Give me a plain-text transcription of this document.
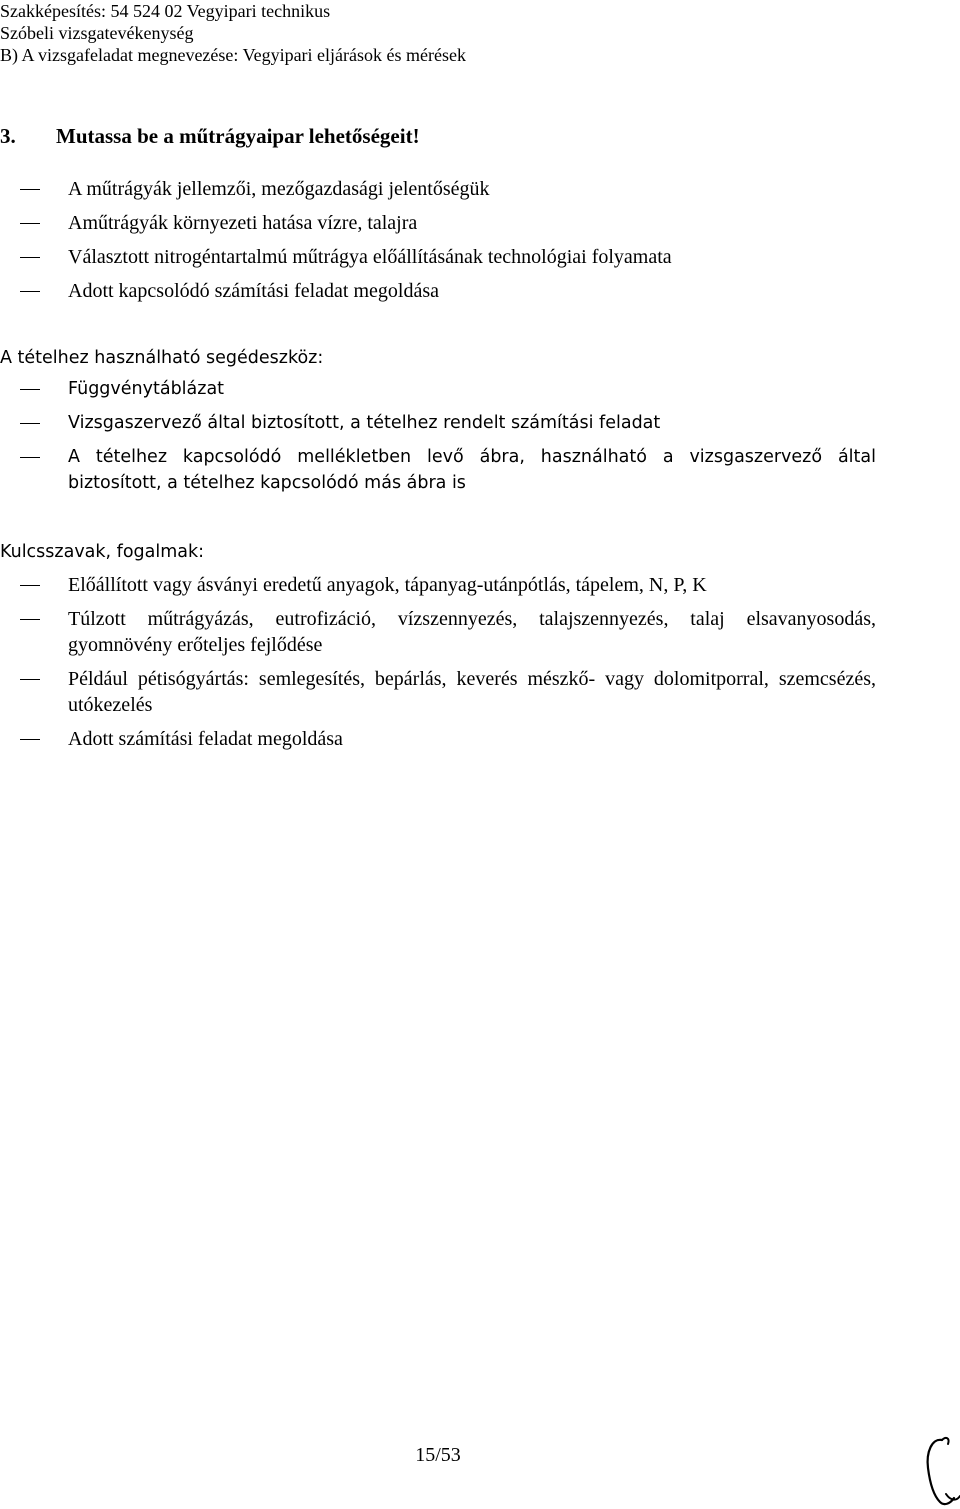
Szakképesítés: 54 524 02 Vegyipari technikus
Szóbeli vizsgatevékenység
B) A vizsgafeladat megnevezése: Vegyipari eljárások és mérések
3. Mutassa be a műtrágyaipar lehetőségeit!
A műtrágyák jellemzői, mezőgazdasági jelentőségük
Aműtrágyák környezeti hatása vízre, talajra
Választott nitrogéntartalmú műtrágya előállításának technológiai folyamata
Adott kapcsolódó számítási feladat megoldása
A tételhez használható segédeszköz:
Függvénytáblázat
Vizsgaszervező által biztosított, a tételhez rendelt számítási feladat
A tételhez kapcsolódó mellékletben levő ábra, használható a vizsgaszervező által biztosított, a tételhez kapcsolódó más ábra is
Kulcsszavak, fogalmak:
Előállított vagy ásványi eredetű anyagok, tápanyag-utánpótlás, tápelem, N, P, K
Túlzott műtrágyázás, eutrofizáció, vízszennyezés, talajszennyezés, talaj elsavanyosodás, gyomnövény erőteljes fejlődése
Például pétisógyártás: semlegesítés, bepárlás, keverés mészkő- vagy dolomitporral, szemcsézés, utókezelés
Adott számítási feladat megoldása
15/53
